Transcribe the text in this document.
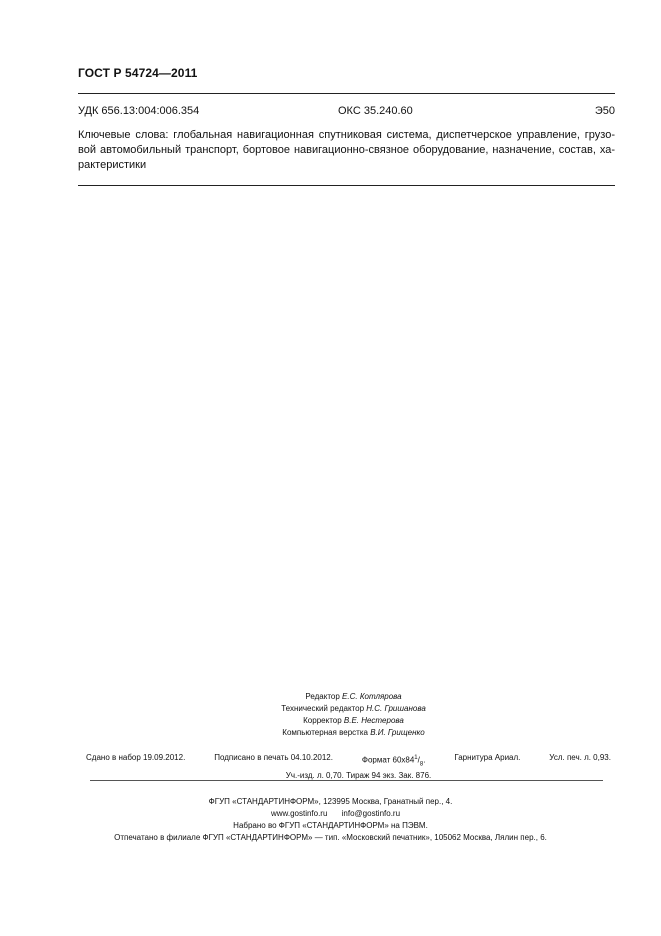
ГОСТ Р 54724—2011
УДК 656.13:004:006.354	ОКС 35.240.60	Э50
Ключевые слова: глобальная навигационная спутниковая система, диспетчерское управление, грузо-
вой автомобильный транспорт, бортовое навигационно-связное оборудование, назначение, состав, ха-
рактеристики
Редактор Е.С. Котлярова
Технический редактор Н.С. Гришанова
Корректор В.Е. Нестерова
Компьютерная верстка В.И. Грищенко
Сдано в набор 19.09.2012.	Подписано в печать 04.10.2012.	Формат $60х84^1/_8$.	Гарнитура Ариал.	Усл. печ. л. 0,93.
Уч.-изд. л. 0,70. Тираж 94 экз. Зак. 876.
ФГУП «СТАНДАРТИНФОРМ», 123995 Москва, Гранатный пер., 4.
www.gostinfo.ru info@gostinfo.ru
Набрано во ФГУП «СТАНДАРТИНФОРМ» на ПЭВМ.
Отпечатано в филиале ФГУП «СТАНДАРТИНФОРМ» — тип. «Московский печатник», 105062 Москва, Лялин пер., 6.
